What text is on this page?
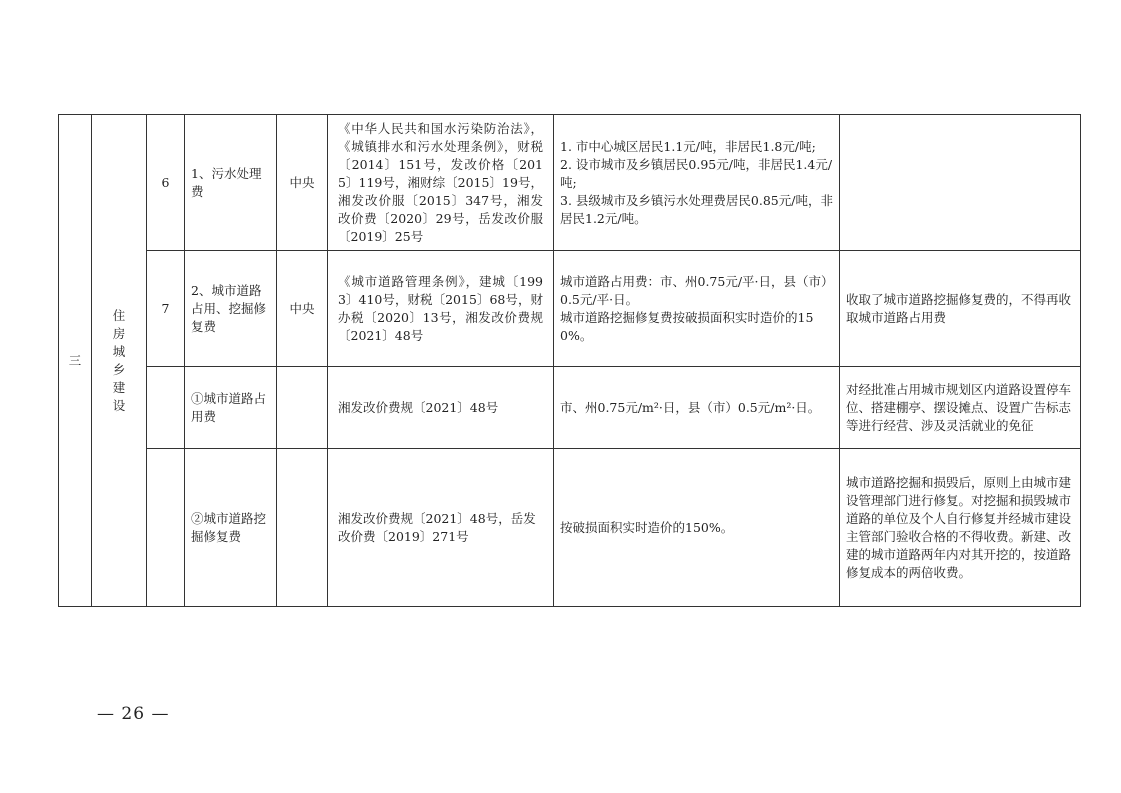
三	住房城乡建设	6	1、污水处理费	中央	《中华人民共和国水污染防治法》，《城镇排水和污水处理条例》，财税〔2014〕151号，发改价格〔2015〕119号，湘财综〔2015〕19号，湘发改价服〔2015〕347号，湘发改价费〔2020〕29号，岳发改价服〔2019〕25号	1. 市中心城区居民1.1元/吨，非居民1.8元/吨;
2. 设市城市及乡镇居民0.95元/吨，非居民1.4元/吨;
3. 县级城市及乡镇污水处理费居民0.85元/吨，非居民1.2元/吨。	

		7	2、城市道路占用、挖掘修复费	中央	《城市道路管理条例》，建城〔1993〕410号，财税〔2015〕68号，财办税〔2020〕13号，湘发改价费规〔2021〕48号	城市道路占用费：市、州0.75元/平·日，县（市）0.5元/平·日。
城市道路挖掘修复费按破损面积实时造价的150%。	收取了城市道路挖掘修复费的，不得再收取城市道路占用费
			①城市道路占用费		湘发改价费规〔2021〕48号	市、州0.75元/m²·日，县（市）0.5元/m²·日。	对经批准占用城市规划区内道路设置停车位、搭建棚亭、摆设摊点、设置广告标志等进行经营、涉及灵活就业的免征
			②城市道路挖掘修复费		湘发改价费规〔2021〕48号，岳发改价费〔2019〕271号	按破损面积实时造价的150%。	城市道路挖掘和损毁后，原则上由城市建设管理部门进行修复。对挖掘和损毁城市道路的单位及个人自行修复并经城市建设主管部门验收合格的不得收费。新建、改建的城市道路两年内对其开挖的，按道路修复成本的两倍收费。
— 26 —
